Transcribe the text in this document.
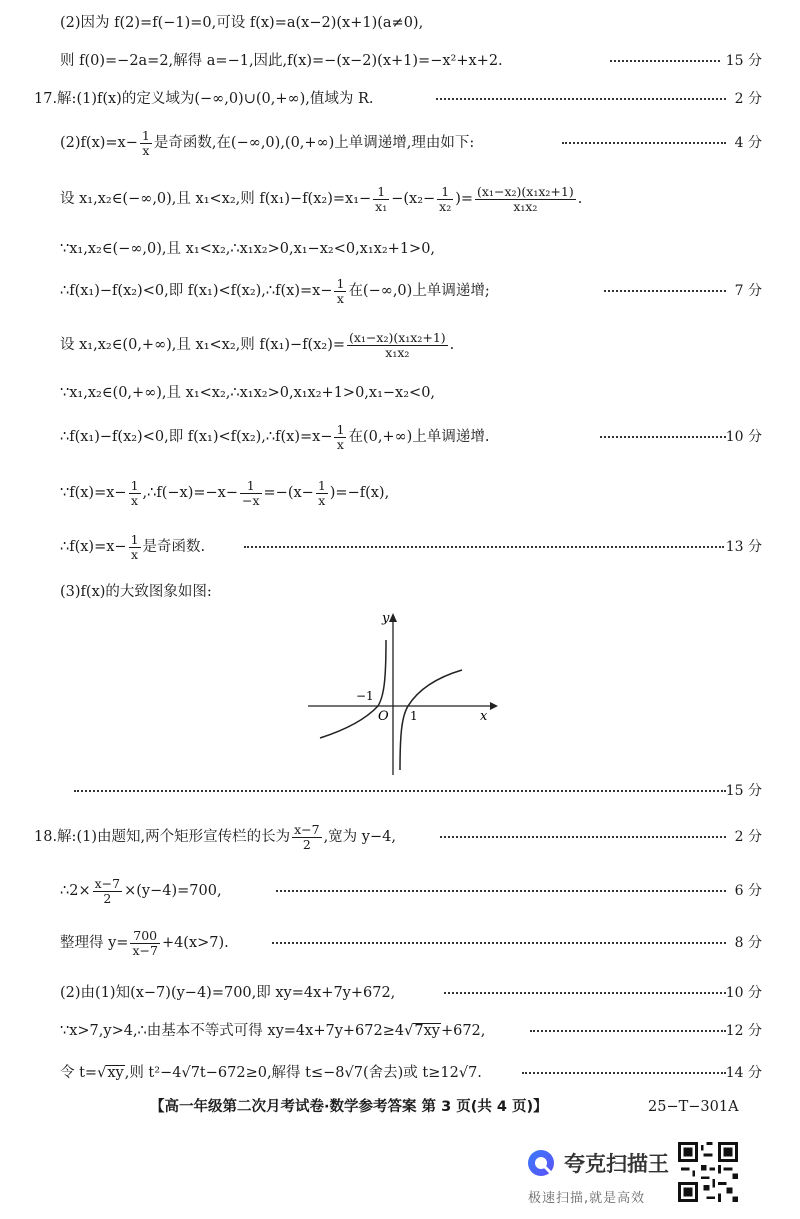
(2)因为 f(2)=f(−1)=0,可设 f(x)=a(x−2)(x+1)(a≠0),
则 f(0)=−2a=2,解得 a=−1,因此,f(x)=−(x−2)(x+1)=−x²+x+2.	15 分
17.解:(1)f(x)的定义域为(−∞,0)∪(0,+∞),值域为 R.	2 分
$(2)f(x)=x- \frac{1}{x}$ 是奇函数,在(−∞,0),(0,+∞)上单调递增,理由如下:	4 分
设 x₁,x₂∈(−∞,0),且 x₁<x₂,则 $f(x_1)-f(x_2)=x_1- \frac{1}{\text{x₁}} -(x_2- \frac{1}{\text{x₂}}$ )= $\frac{\text{(x₁−x₂)(x₁x₂+1)}}{\text{x₁x₂}}$ .
∵x₁,x₂∈(−∞,0),且 x₁<x₂,∴x₁x₂>0,x₁−x₂<0,x₁x₂+1>0,
∴f(x₁)−f(x₂)<0,即 f(x₁)<f(x₂),∴f(x)=x− $\frac{1}{x}$ 在(−∞,0)上单调递增;	7 分
设 x₁,x₂∈(0,+∞),且 x₁<x₂,则 $f(x_1)-f(x_2)= \frac{\text{(x₁−x₂)(x₁x₂+1)}}{\text{x₁x₂}}$ .
∵x₁,x₂∈(0,+∞),且 x₁<x₂,∴x₁x₂>0,x₁x₂+1>0,x₁−x₂<0,
∴f(x₁)−f(x₂)<0,即 f(x₁)<f(x₂),∴f(x)=x− $\frac{1}{x}$ 在(0,+∞)上单调递增.	10 分
∵f(x)=x− $\frac{1}{x}$ ,∴f(−x)=−x− $\frac{1}{-x} =-(x- \frac{1}{x} )=-f(x)$,
∴f(x)=x− $\frac{1}{x}$ 是奇函数.	13 分
(3)f(x)的大致图象如图:
y
x
O
−1
1
15 分
18.解:(1)由题知,两个矩形宣传栏的长为 $\frac{x-7}{2}$ ,宽为 y−4,	2 分
∴2× $\frac{x-7}{2} \times(y-4)=700$,	6 分
整理得 $y= \frac{700}{x-7} +4(x>7)$.	8 分
(2)由(1)知(x−7)(y−4)=700,即 xy=4x+7y+672,	10 分
∵x>7,y>4,∴由基本不等式可得 xy=4x+7y+672≥4√7xy+672,	12 分
令 t=√xy,则 t²−4√7t−672≥0,解得 t≤−8√7(舍去)或 t≥12√7.	14 分
【高一年级第二次月考试卷·数学参考答案 第 3 页(共 4 页)】	25−T−301A
夸克扫描王
极速扫描,就是高效
